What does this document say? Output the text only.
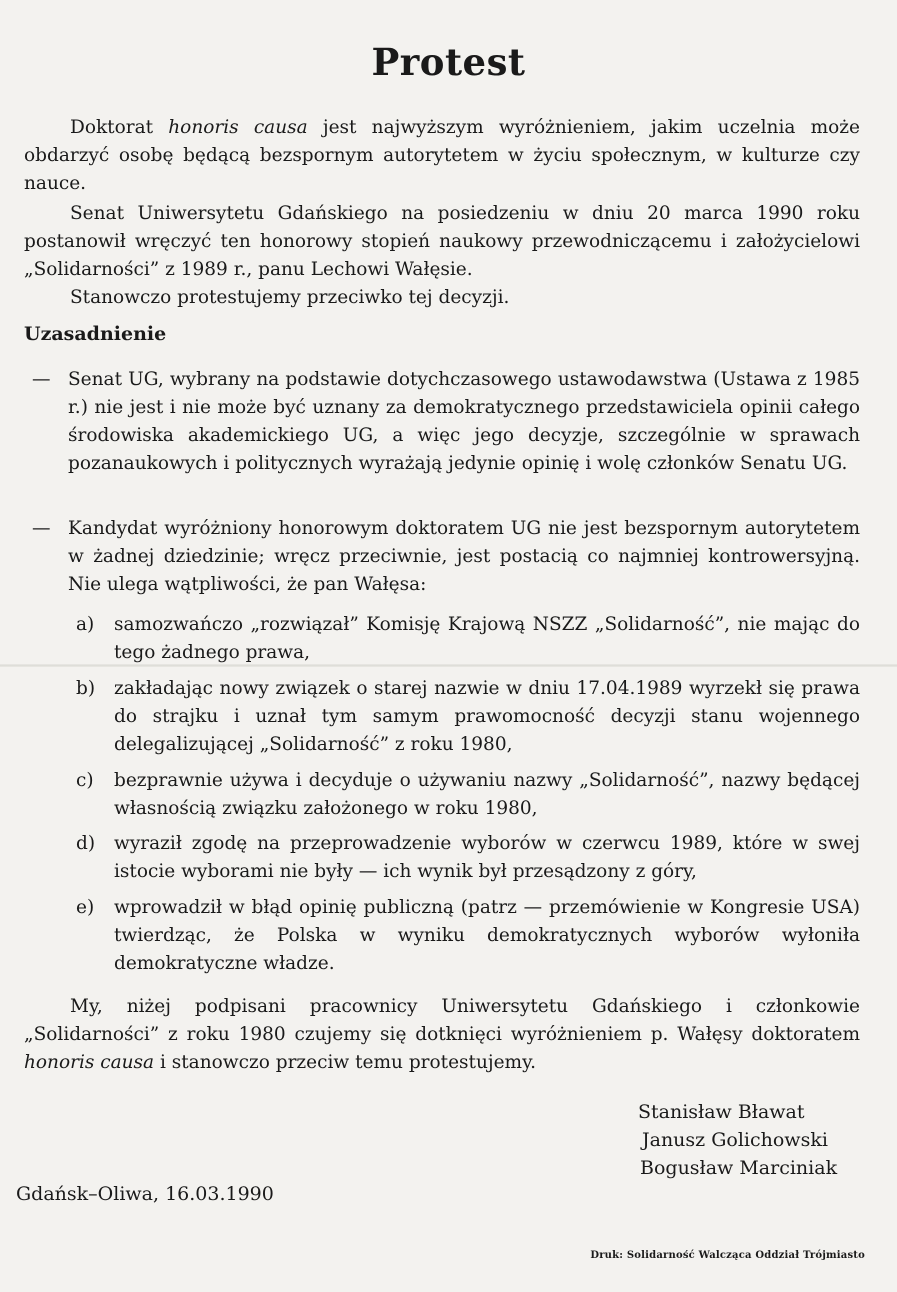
Protest

Doktorat honoris causa jest najwyższym wyróżnieniem, jakim uczelnia może obdarzyć osobę będącą bezspornym autorytetem w życiu społecznym, w kulturze czy nauce.

Senat Uniwersytetu Gdańskiego na posiedzeniu w dniu 20 marca 1990 roku postanowił wręczyć ten honorowy stopień naukowy przewodniczącemu i założycielowi „Solidarności” z 1989 r., panu Lechowi Wałęsie.

Stanowczo protestujemy przeciwko tej decyzji.

Uzasadnienie
— Senat UG, wybrany na podstawie dotychczasowego ustawodawstwa (Ustawa z 1985 r.) nie jest i nie może być uznany za demokratycznego przedstawiciela opinii całego środowiska akademickiego UG, a więc jego decyzje, szczególnie w sprawach pozanaukowych i politycznych wyrażają jedynie opinię i wolę członków Senatu UG.
— Kandydat wyróżniony honorowym doktoratem UG nie jest bezspornym autorytetem w żadnej dziedzinie; wręcz przeciwnie, jest postacią co najmniej kontrowersyjną. Nie ulega wątpliwości, że pan Wałęsa:
a) samozwańczo „rozwiązał” Komisję Krajową NSZZ „Solidarność”, nie mając do tego żadnego prawa,
b) zakładając nowy związek o starej nazwie w dniu 17.04.1989 wyrzekł się prawa do strajku i uznał tym samym prawomocność decyzji stanu wojennego delegalizującej „Solidarność” z roku 1980,
c) bezprawnie używa i decyduje o używaniu nazwy „Solidarność”, nazwy będącej własnością związku założonego w roku 1980,
d) wyraził zgodę na przeprowadzenie wyborów w czerwcu 1989, które w swej istocie wyborami nie były — ich wynik był przesądzony z góry,
e) wprowadził w błąd opinię publiczną (patrz — przemówienie w Kongresie USA) twierdząc, że Polska w wyniku demokratycznych wyborów wyłoniła demokratyczne władze.

My, niżej podpisani pracownicy Uniwersytetu Gdańskiego i członkowie „Solidarności” z roku 1980 czujemy się dotknięci wyróżnieniem p. Wałęsy doktoratem honoris causa i stanowczo przeciw temu protestujemy.

Stanisław Bławat
Janusz Golichowski
Bogusław Marciniak
Gdańsk–Oliwa, 16.03.1990
Druk: Solidarność Walcząca Oddział Trójmiasto
